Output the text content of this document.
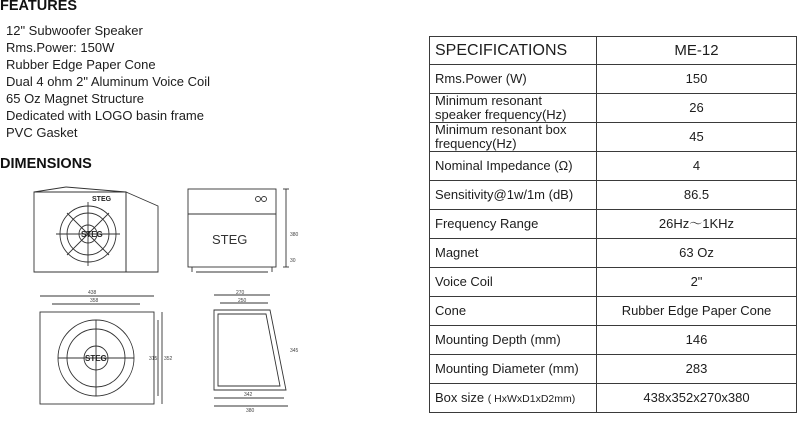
FEATURES
12" Subwoofer Speaker
Rms.Power: 150W
Rubber Edge Paper Cone
Dual 4 ohm 2" Aluminum Voice Coil
65 Oz Magnet Structure
Dedicated with LOGO basin frame
PVC Gasket
DIMENSIONS
STEG
STEG	STEG	380
30
438
358
352
315
STEG
270
250
345
342
380
SPECIFICATIONS	ME-12
Rms.Power (W)	150
Minimum resonant speaker frequency(Hz)	26
Minimum resonant box frequency(Hz)	45
Nominal Impedance (Ω)	4
Sensitivity@1w/1m (dB)	86.5
Frequency Range	26Hz～1KHz
Magnet	63 Oz
Voice Coil	2"
Cone	Rubber Edge Paper Cone
Mounting Depth (mm)	146
Mounting Diameter (mm)	283
Box size ( HxWxD1xD2mm)	438x352x270x380
